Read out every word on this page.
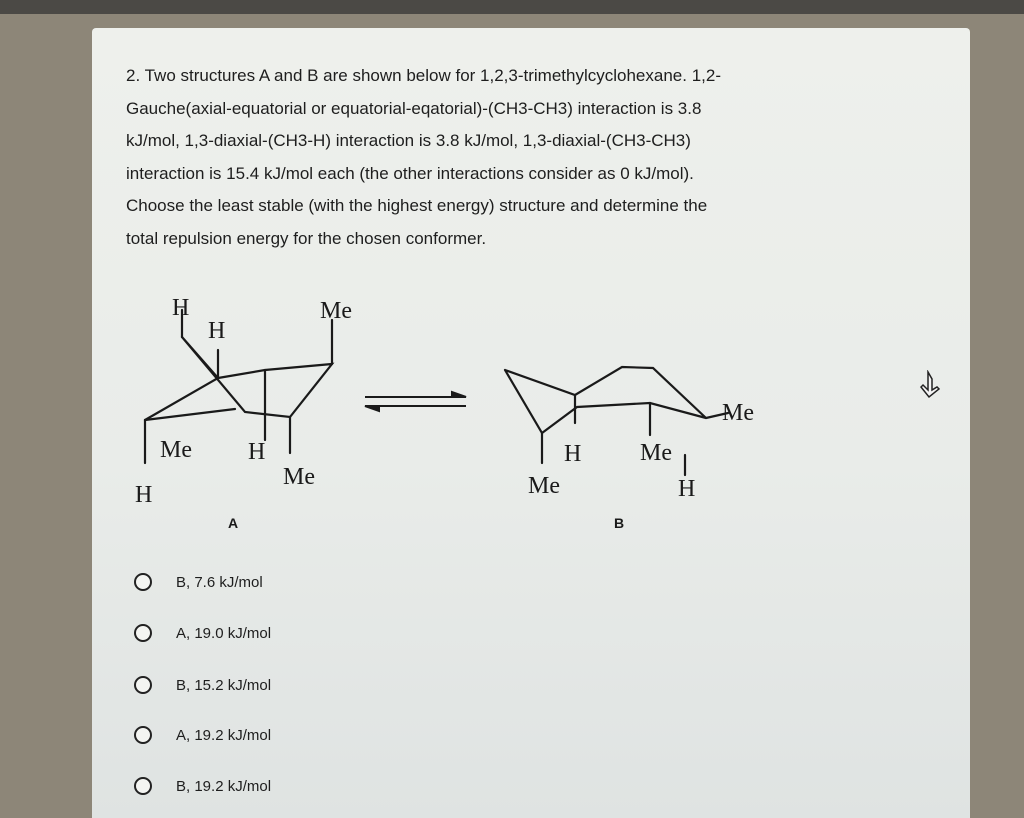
2. Two structures A and B are shown below for 1,2,3-trimethylcyclohexane. 1,2-
Gauche(axial-equatorial or equatorial-eqatorial)-(CH3-CH3) interaction is 3.8
kJ/mol, 1,3-diaxial-(CH3-H) interaction is 3.8 kJ/mol, 1,3-diaxial-(CH3-CH3)
interaction is 15.4 kJ/mol each (the other interactions consider as 0 kJ/mol).
Choose the least stable (with the highest energy) structure and determine the
total repulsion energy for the chosen conformer.

H
H
Me
Me H
Me
H
A
Me
H Me
Me	H
B
B, 7.6 kJ/mol
A, 19.0 kJ/mol
B, 15.2 kJ/mol
A, 19.2 kJ/mol
B, 19.2 kJ/mol
